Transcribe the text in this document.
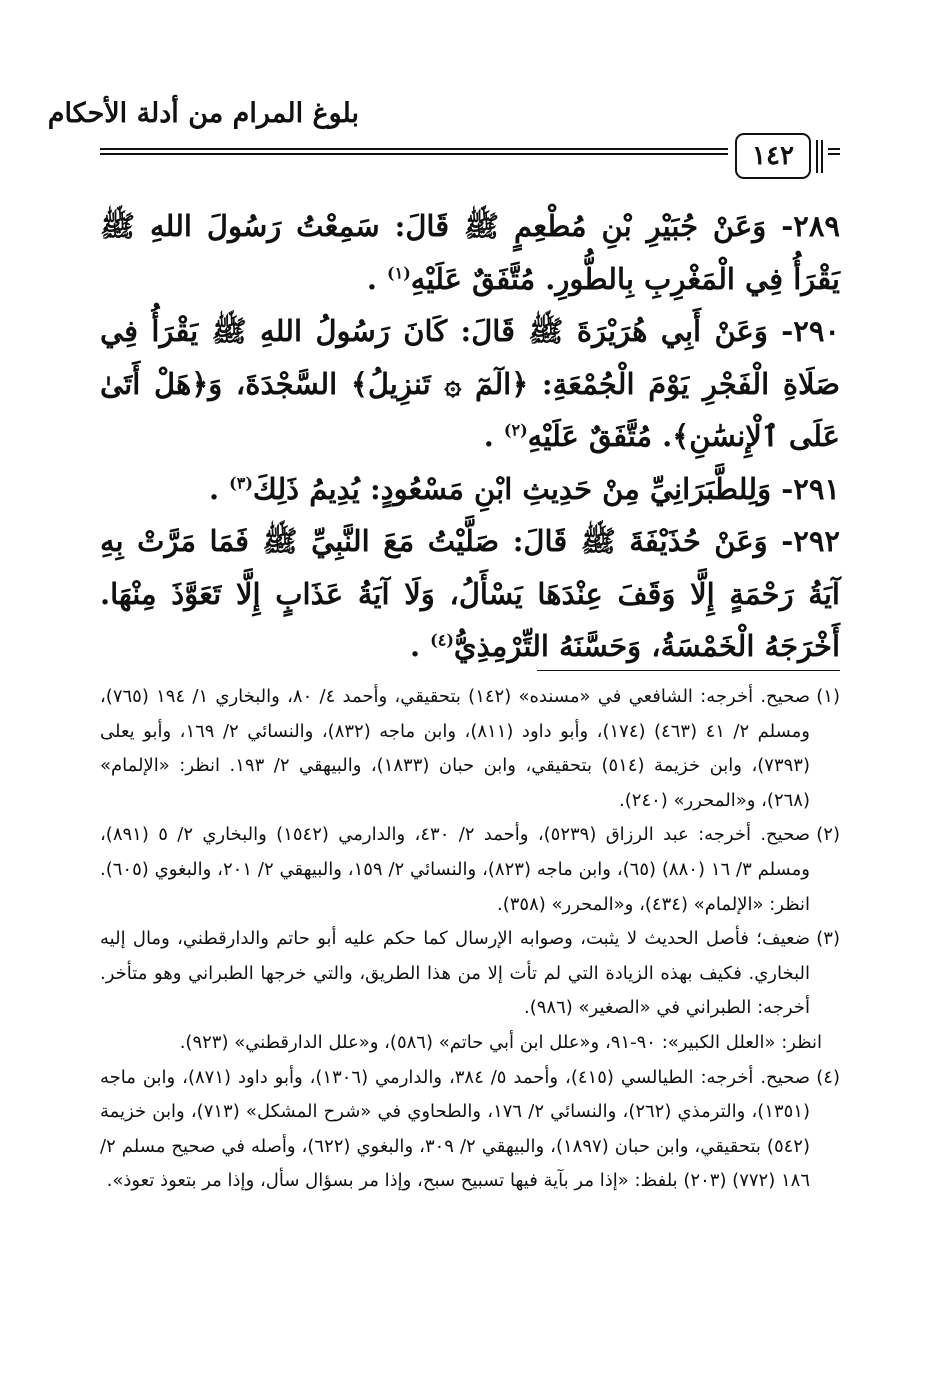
بلوغ المرام من أدلة الأحكام
١٤٢

٢٨٩- وَعَنْ جُبَيْرِ بْنِ مُطْعِمٍ ﷺ قَالَ: سَمِعْتُ رَسُولَ اللهِ ﷺ يَقْرَأُ فِي الْمَغْرِبِ بِالطُّورِ. مُتَّفَقٌ عَلَيْهِ$^{(١)}$ .

٢٩٠- وَعَنْ أَبِي هُرَيْرَةَ ﷺ قَالَ: كَانَ رَسُولُ اللهِ ﷺ يَقْرَأُ فِي صَلَاةِ الْفَجْرِ يَوْمَ الْجُمْعَةِ: ﴿الٓمٓ ۞ تَنزِيلُ﴾ السَّجْدَةَ، وَ﴿هَلْ أَتَىٰ عَلَى ٱلْإِنسَٰنِ﴾. مُتَّفَقٌ عَلَيْهِ$^{(٢)}$ .

٢٩١- وَلِلطَّبَرَانِيِّ مِنْ حَدِيثِ ابْنِ مَسْعُودٍ: يُدِيمُ ذَلِكَ$^{(٣)}$ .

٢٩٢- وَعَنْ حُذَيْفَةَ ﷺ قَالَ: صَلَّيْتُ مَعَ النَّبِيِّ ﷺ فَمَا مَرَّتْ بِهِ آيَةُ رَحْمَةٍ إِلَّا وَقَفَ عِنْدَهَا يَسْأَلُ، وَلَا آيَةُ عَذَابٍ إِلَّا تَعَوَّذَ مِنْهَا. أَخْرَجَهُ الْخَمْسَةُ، وَحَسَّنَهُ التِّرْمِذِيُّ$^{(٤)}$ .

(١)
صحيح. أخرجه: الشافعي في «مسنده» (١٤٢) بتحقيقي، وأحمد ٤/ ٨٠، والبخاري ١/ ١٩٤ (٧٦٥)، ومسلم ٢/ ٤١ (٤٦٣) (١٧٤)، وأبو داود (٨١١)، وابن ماجه (٨٣٢)، والنسائي ٢/ ١٦٩، وأبو يعلى (٧٣٩٣)، وابن خزيمة (٥١٤) بتحقيقي، وابن حبان (١٨٣٣)، والبيهقي ٢/ ١٩٣. انظر: «الإلمام» (٢٦٨)، و«المحرر» (٢٤٠).

(٢)
صحيح. أخرجه: عبد الرزاق (٥٢٣٩)، وأحمد ٢/ ٤٣٠، والدارمي (١٥٤٢) والبخاري ٢/ ٥ (٨٩١)، ومسلم ٣/ ١٦ (٨٨٠) (٦٥)، وابن ماجه (٨٢٣)، والنسائي ٢/ ١٥٩، والبيهقي ٢/ ٢٠١، والبغوي (٦٠٥). انظر: «الإلمام» (٤٣٤)، و«المحرر» (٣٥٨).

(٣)
ضعيف؛ فأصل الحديث لا يثبت، وصوابه الإرسال كما حكم عليه أبو حاتم والدارقطني، ومال إليه البخاري. فكيف بهذه الزيادة التي لم تأت إلا من هذا الطريق، والتي خرجها الطبراني وهو متأخر. أخرجه: الطبراني في «الصغير» (٩٨٦).

انظر: «العلل الكبير»: ٩٠-٩١، و«علل ابن أبي حاتم» (٥٨٦)، و«علل الدارقطني» (٩٢٣).

(٤)
صحيح. أخرجه: الطيالسي (٤١٥)، وأحمد ٥/ ٣٨٤، والدارمي (١٣٠٦)، وأبو داود (٨٧١)، وابن ماجه (١٣٥١)، والترمذي (٢٦٢)، والنسائي ٢/ ١٧٦، والطحاوي في «شرح المشكل» (٧١٣)، وابن خزيمة (٥٤٢) بتحقيقي، وابن حبان (١٨٩٧)، والبيهقي ٢/ ٣٠٩، والبغوي (٦٢٢)، وأصله في صحيح مسلم ٢/ ١٨٦ (٧٧٢) (٢٠٣) بلفظ: «إذا مر بآية فيها تسبيح سبح، وإذا مر بسؤال سأل، وإذا مر بتعوذ تعوذ».
